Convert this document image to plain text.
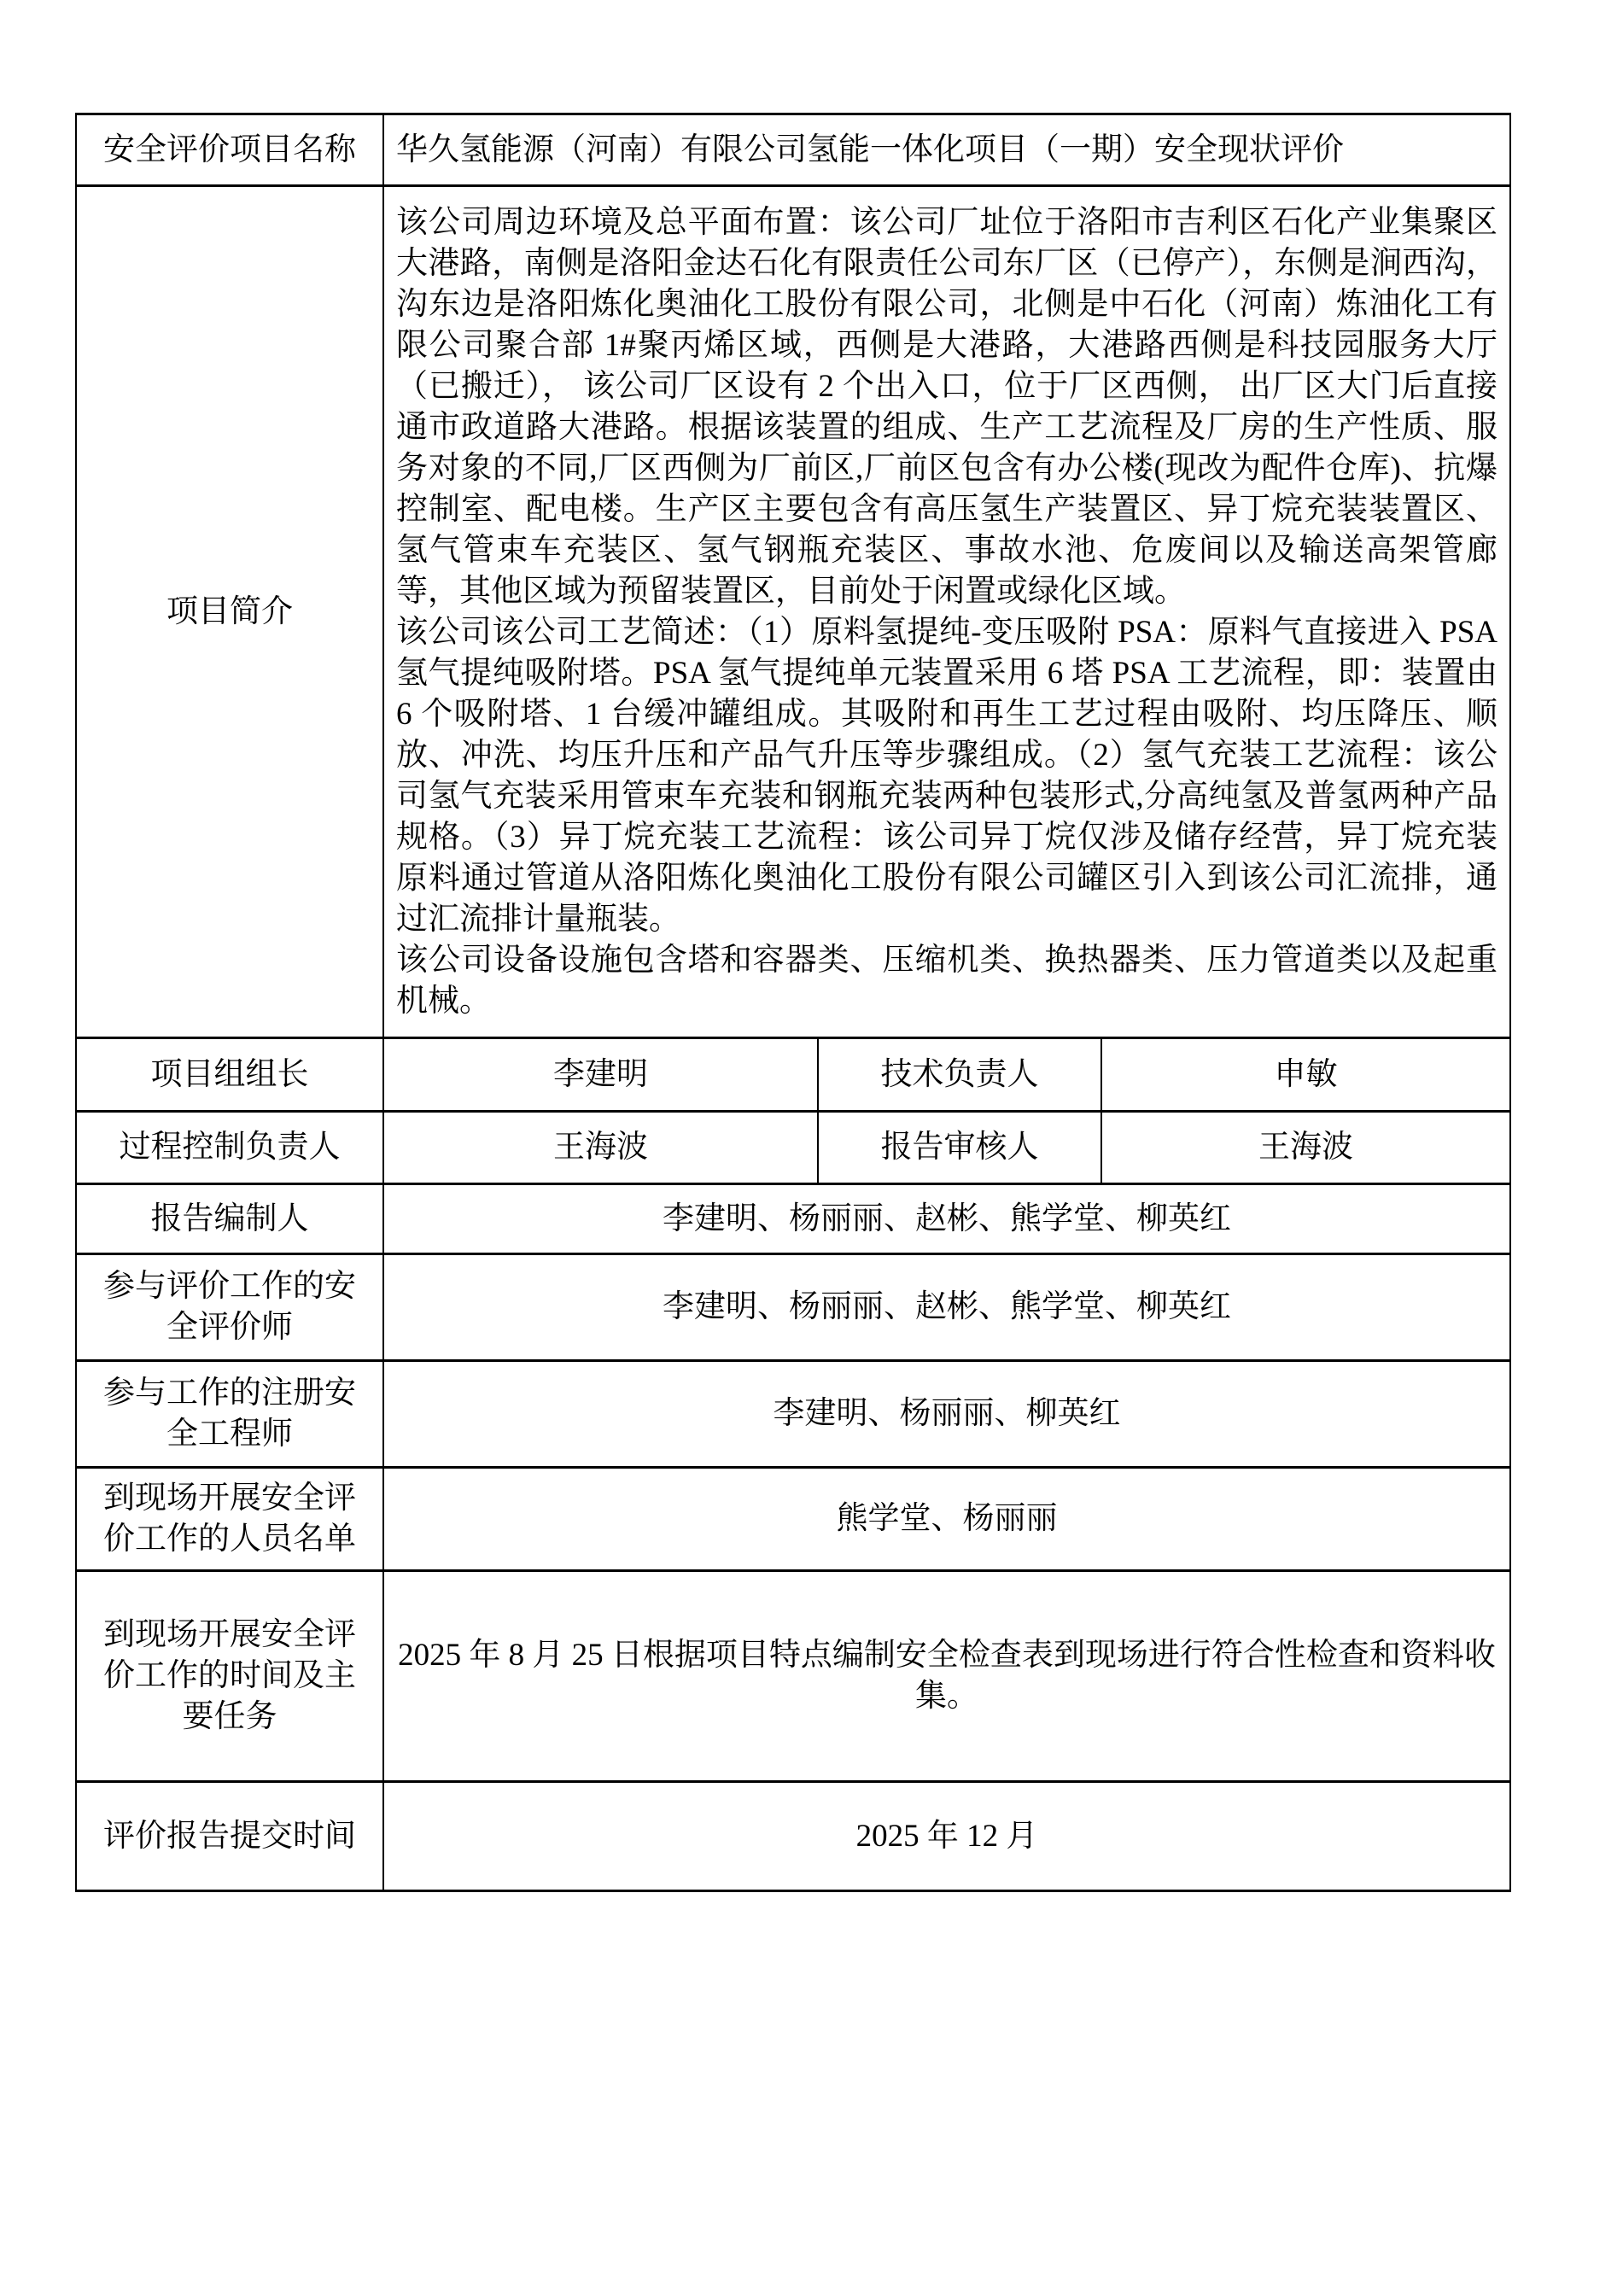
安全评价项目名称	华久氢能源（河南）有限公司氢能一体化项目（一期）安全现状评价		
项目简介	该公司周边环境及总平面布置：该公司厂址位于洛阳市吉利区石化产业集聚区大港路，南侧是洛阳金达石化有限责任公司东厂区（已停产），东侧是涧西沟，沟东边是洛阳炼化奥油化工股份有限公司，北侧是中石化（河南）炼油化工有限公司聚合部 1#聚丙烯区域，西侧是大港路，大港路西侧是科技园服务大厅（已搬迁）， 该公司厂区设有 2 个出入口，位于厂区西侧， 出厂区大门后直接通市政道路大港路。根据该装置的组成、生产工艺流程及厂房的生产性质、服务对象的不同,厂区西侧为厂前区,厂前区包含有办公楼(现改为配件仓库)、抗爆控制室、配电楼。生产区主要包含有高压氢生产装置区、异丁烷充装装置区、氢气管束车充装区、氢气钢瓶充装区、事故水池、危废间以及输送高架管廊等，其他区域为预留装置区，目前处于闲置或绿化区域。

该公司该公司工艺简述：（1）原料氢提纯-变压吸附 PSA：原料气直接进入 PSA 氢气提纯吸附塔。PSA 氢气提纯单元装置采用 6 塔 PSA 工艺流程，即：装置由 6 个吸附塔、1 台缓冲罐组成。其吸附和再生工艺过程由吸附、均压降压、顺放、冲洗、均压升压和产品气升压等步骤组成。（2）氢气充装工艺流程：该公司氢气充装采用管束车充装和钢瓶充装两种包装形式,分高纯氢及普氢两种产品规格。（3）异丁烷充装工艺流程：该公司异丁烷仅涉及储存经营，异丁烷充装原料通过管道从洛阳炼化奥油化工股份有限公司罐区引入到该公司汇流排，通过汇流排计量瓶装。

该公司设备设施包含塔和容器类、压缩机类、换热器类、压力管道类以及起重机械。		

项目组组长	李建明	技术负责人	申敏
过程控制负责人	王海波	报告审核人	王海波
报告编制人	李建明、杨丽丽、赵彬、熊学堂、柳英红		
参与评价工作的安全评价师	李建明、杨丽丽、赵彬、熊学堂、柳英红		
参与工作的注册安全工程师	李建明、杨丽丽、柳英红		
到现场开展安全评价工作的人员名单	熊学堂、杨丽丽		
到现场开展安全评价工作的时间及主要任务	2025 年 8 月 25 日根据项目特点编制安全检查表到现场进行符合性检查和资料收集。		
评价报告提交时间	2025 年 12 月		
